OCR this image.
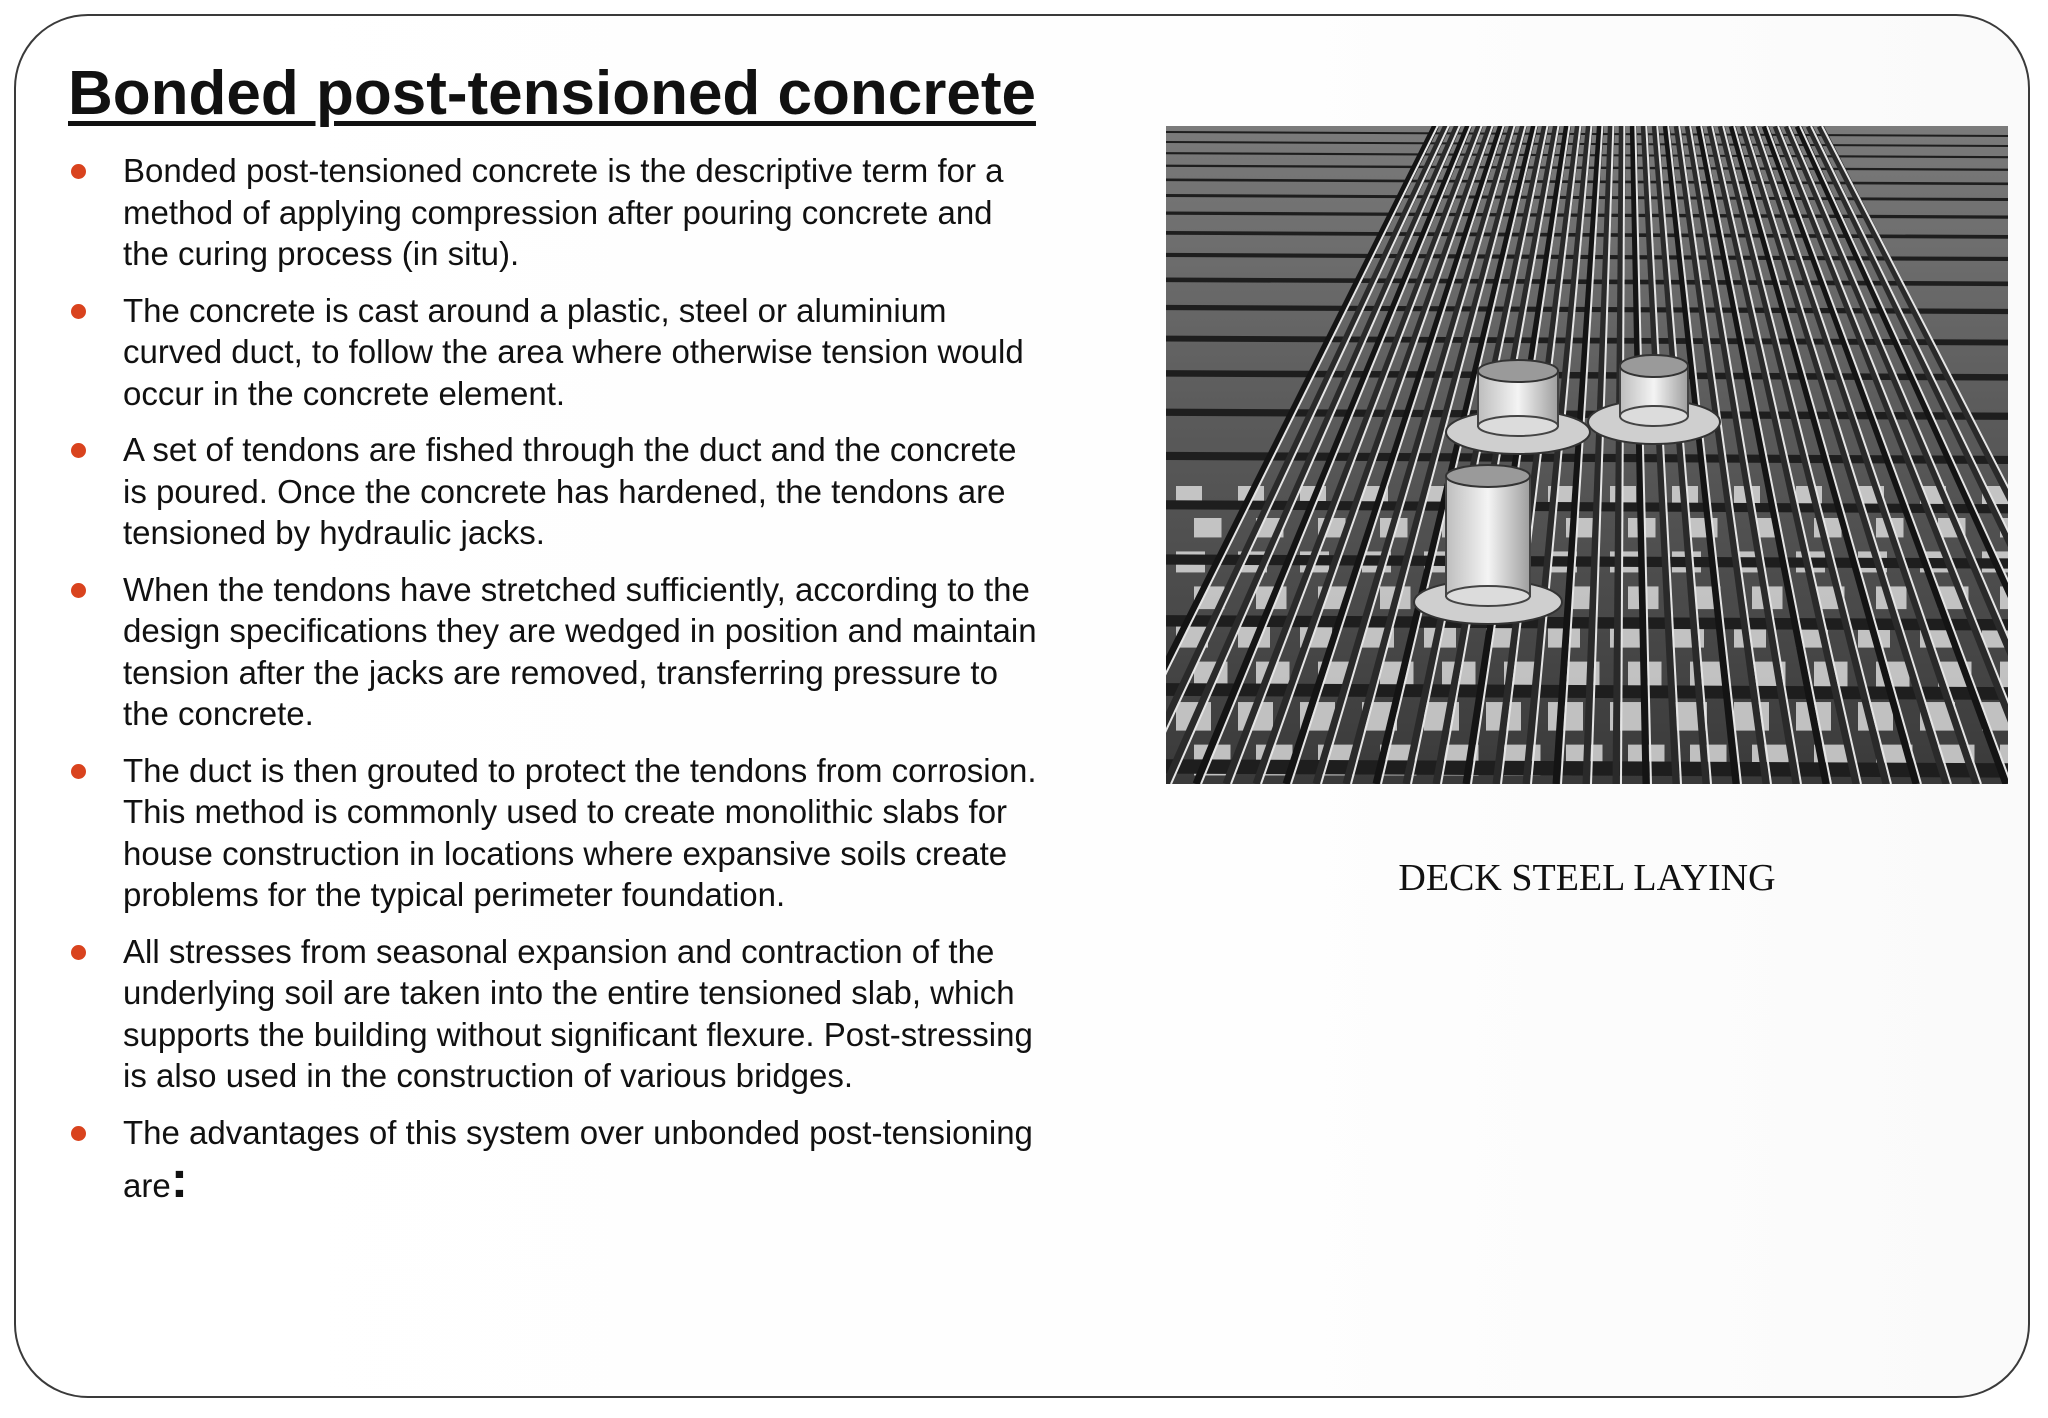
Bonded post-tensioned concrete
Bonded post-tensioned concrete is the descriptive term for a
method of applying compression after pouring concrete and
the curing process (in situ).
The concrete is cast around a plastic, steel or aluminium
curved duct, to follow the area where otherwise tension would
occur in the concrete element.
A set of tendons are fished through the duct and the concrete
is poured. Once the concrete has hardened, the tendons are
tensioned by hydraulic jacks.
When the tendons have stretched sufficiently, according to the
design specifications they are wedged in position and maintain
tension after the jacks are removed, transferring pressure to
the concrete.
The duct is then grouted to protect the tendons from corrosion.
This method is commonly used to create monolithic slabs for
house construction in locations where expansive soils create
problems for the typical perimeter foundation.
All stresses from seasonal expansion and contraction of the
underlying soil are taken into the entire tensioned slab, which
supports the building without significant flexure. Post-stressing
is also used in the construction of various bridges.
The advantages of this system over unbonded post-tensioning
are:
DECK STEEL LAYING
